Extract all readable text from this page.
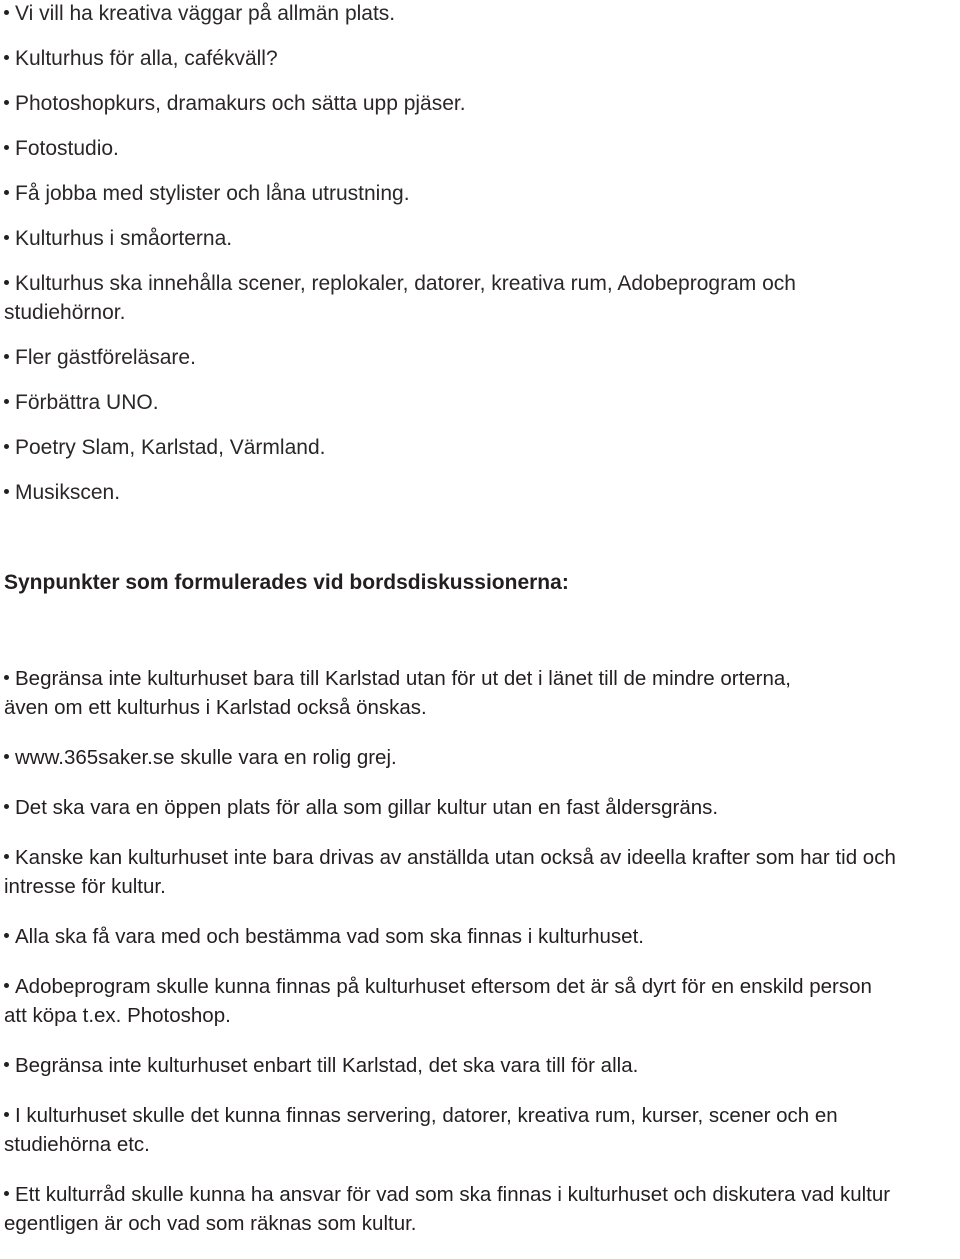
Vi vill ha kreativa väggar på allmän plats.
Kulturhus för alla, cafékväll?
Photoshopkurs, dramakurs och sätta upp pjäser.
Fotostudio.
Få jobba med stylister och låna utrustning.
Kulturhus i småorterna.
Kulturhus ska innehålla scener, replokaler, datorer, kreativa rum, Adobeprogram och studiehörnor.
Fler gästföreläsare.
Förbättra UNO.
Poetry Slam, Karlstad, Värmland.
Musikscen.
Synpunkter som formulerades vid bordsdiskussionerna:
Begränsa inte kulturhuset bara till Karlstad utan för ut det i länet till de mindre orterna, även om ett kulturhus i Karlstad också önskas.
www.365saker.se skulle vara en rolig grej.
Det ska vara en öppen plats för alla som gillar kultur utan en fast åldersgräns.
Kanske kan kulturhuset inte bara drivas av anställda utan också av ideella krafter som har tid och intresse för kultur.
Alla ska få vara med och bestämma vad som ska finnas i kulturhuset.
Adobeprogram skulle kunna finnas på kulturhuset eftersom det är så dyrt för en enskild person att köpa t.ex. Photoshop.
Begränsa inte kulturhuset enbart till Karlstad, det ska vara till för alla.
I kulturhuset skulle det kunna finnas servering, datorer, kreativa rum, kurser, scener och en studiehörna etc.
Ett kulturråd skulle kunna ha ansvar för vad som ska finnas i kulturhuset och diskutera vad kultur egentligen är och vad som räknas som kultur.
